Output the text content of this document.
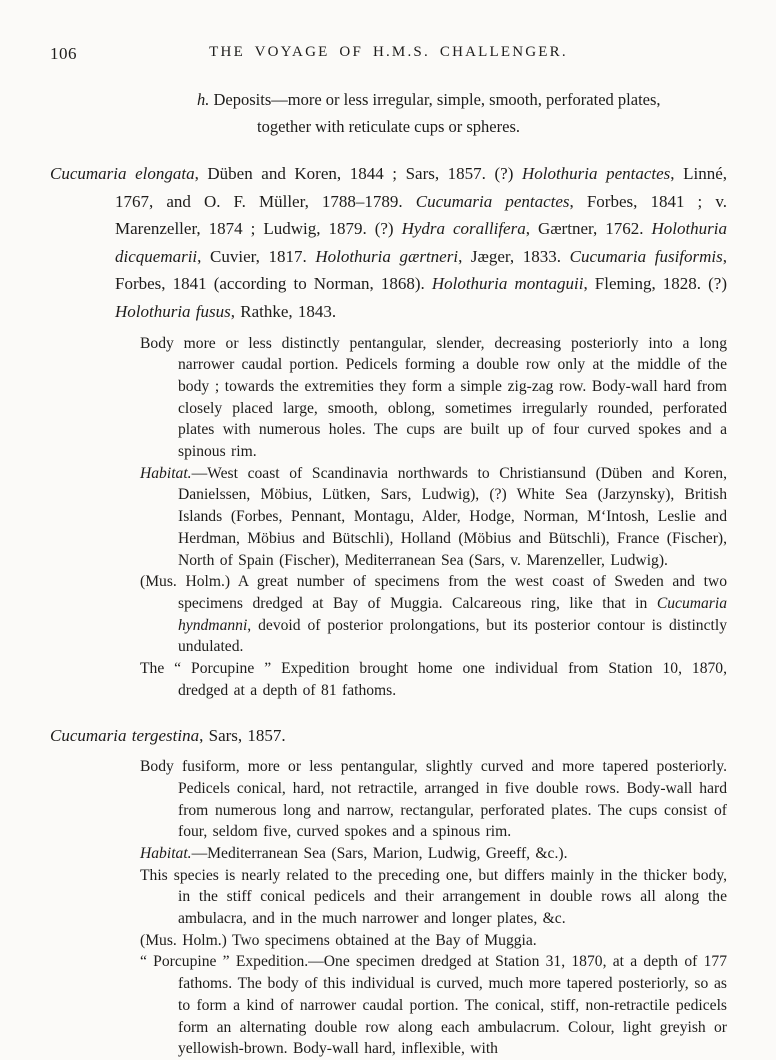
106	THE VOYAGE OF H.M.S. CHALLENGER.
h. Deposits—more or less irregular, simple, smooth, perforated plates,
together with reticulate cups or spheres.

Cucumaria elongata, Düben and Koren, 1844 ; Sars, 1857. (?) Holothuria pentactes, Linné, 1767, and O. F. Müller, 1788–1789. Cucumaria pentactes, Forbes, 1841 ; v. Marenzeller, 1874 ; Ludwig, 1879. (?) Hydra corallifera, Gærtner, 1762. Holothuria dicquemarii, Cuvier, 1817. Holothuria gærtneri, Jæger, 1833. Cucumaria fusiformis, Forbes, 1841 (according to Norman, 1868). Holothuria montaguii, Fleming, 1828. (?) Holothuria fusus, Rathke, 1843.

Body more or less distinctly pentangular, slender, decreasing posteriorly into a long narrower caudal portion. Pedicels forming a double row only at the middle of the body ; towards the extremities they form a simple zig-zag row. Body-wall hard from closely placed large, smooth, oblong, sometimes irregularly rounded, perforated plates with numerous holes. The cups are built up of four curved spokes and a spinous rim.

Habitat.—West coast of Scandinavia northwards to Christiansund (Düben and Koren, Danielssen, Möbius, Lütken, Sars, Ludwig), (?) White Sea (Jarzynsky), British Islands (Forbes, Pennant, Montagu, Alder, Hodge, Norman, M‘Intosh, Leslie and Herdman, Möbius and Bütschli), Holland (Möbius and Bütschli), France (Fischer), North of Spain (Fischer), Mediterranean Sea (Sars, v. Marenzeller, Ludwig).

(Mus. Holm.) A great number of specimens from the west coast of Sweden and two specimens dredged at Bay of Muggia. Calcareous ring, like that in Cucumaria hyndmanni, devoid of posterior prolongations, but its posterior contour is distinctly undulated.

The “ Porcupine ” Expedition brought home one individual from Station 10, 1870, dredged at a depth of 81 fathoms.

Cucumaria tergestina, Sars, 1857.

Body fusiform, more or less pentangular, slightly curved and more tapered posteriorly. Pedicels conical, hard, not retractile, arranged in five double rows. Body-wall hard from numerous long and narrow, rectangular, perforated plates. The cups consist of four, seldom five, curved spokes and a spinous rim.

Habitat.—Mediterranean Sea (Sars, Marion, Ludwig, Greeff, &c.).

This species is nearly related to the preceding one, but differs mainly in the thicker body, in the stiff conical pedicels and their arrangement in double rows all along the ambulacra, and in the much narrower and longer plates, &c.

(Mus. Holm.) Two specimens obtained at the Bay of Muggia.

“ Porcupine ” Expedition.—One specimen dredged at Station 31, 1870, at a depth of 177 fathoms. The body of this individual is curved, much more tapered posteriorly, so as to form a kind of narrower caudal portion. The conical, stiff, non-retractile pedicels form an alternating double row along each ambulacrum. Colour, light greyish or yellowish-brown. Body-wall hard, inflexible, with
